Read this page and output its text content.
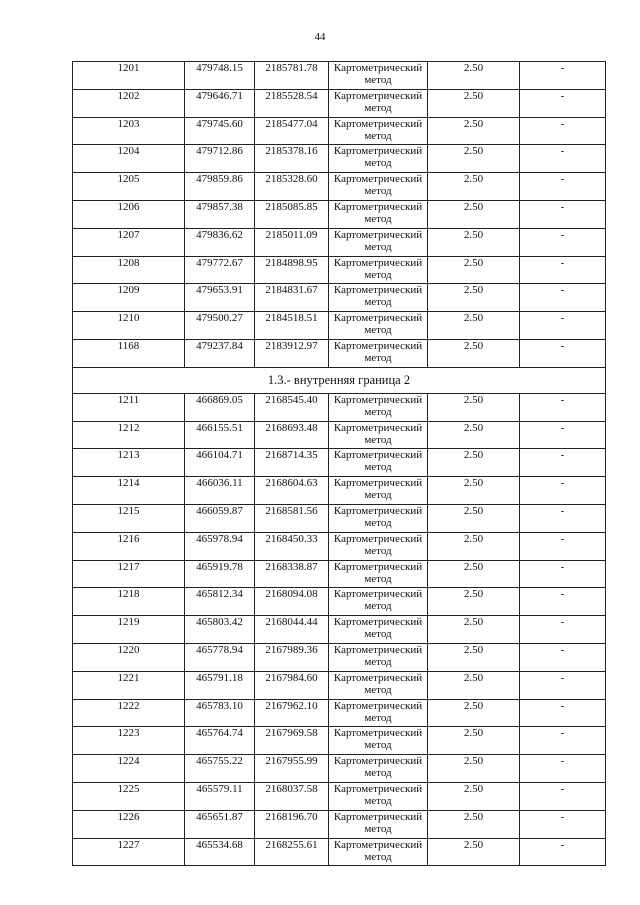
44
1201	479748.15	2185781.78	Картометрический метод	2.50	-
1202	479646.71	2185528.54	Картометрический метод	2.50	-
1203	479745.60	2185477.04	Картометрический метод	2.50	-
1204	479712.86	2185378.16	Картометрический метод	2.50	-
1205	479859.86	2185328.60	Картометрический метод	2.50	-
1206	479857.38	2185085.85	Картометрический метод	2.50	-
1207	479836.62	2185011.09	Картометрический метод	2.50	-
1208	479772.67	2184898.95	Картометрический метод	2.50	-
1209	479653.91	2184831.67	Картометрический метод	2.50	-
1210	479500.27	2184518.51	Картометрический метод	2.50	-
1168	479237.84	2183912.97	Картометрический метод	2.50	-
1.3.- внутренняя граница 2					
1211	466869.05	2168545.40	Картометрический метод	2.50	-
1212	466155.51	2168693.48	Картометрический метод	2.50	-
1213	466104.71	2168714.35	Картометрический метод	2.50	-
1214	466036.11	2168604.63	Картометрический метод	2.50	-
1215	466059.87	2168581.56	Картометрический метод	2.50	-
1216	465978.94	2168450.33	Картометрический метод	2.50	-
1217	465919.78	2168338.87	Картометрический метод	2.50	-
1218	465812.34	2168094.08	Картометрический метод	2.50	-
1219	465803.42	2168044.44	Картометрический метод	2.50	-
1220	465778.94	2167989.36	Картометрический метод	2.50	-
1221	465791.18	2167984.60	Картометрический метод	2.50	-
1222	465783.10	2167962.10	Картометрический метод	2.50	-
1223	465764.74	2167969.58	Картометрический метод	2.50	-
1224	465755.22	2167955.99	Картометрический метод	2.50	-
1225	465579.11	2168037.58	Картометрический метод	2.50	-
1226	465651.87	2168196.70	Картометрический метод	2.50	-
1227	465534.68	2168255.61	Картометрический метод	2.50	-
